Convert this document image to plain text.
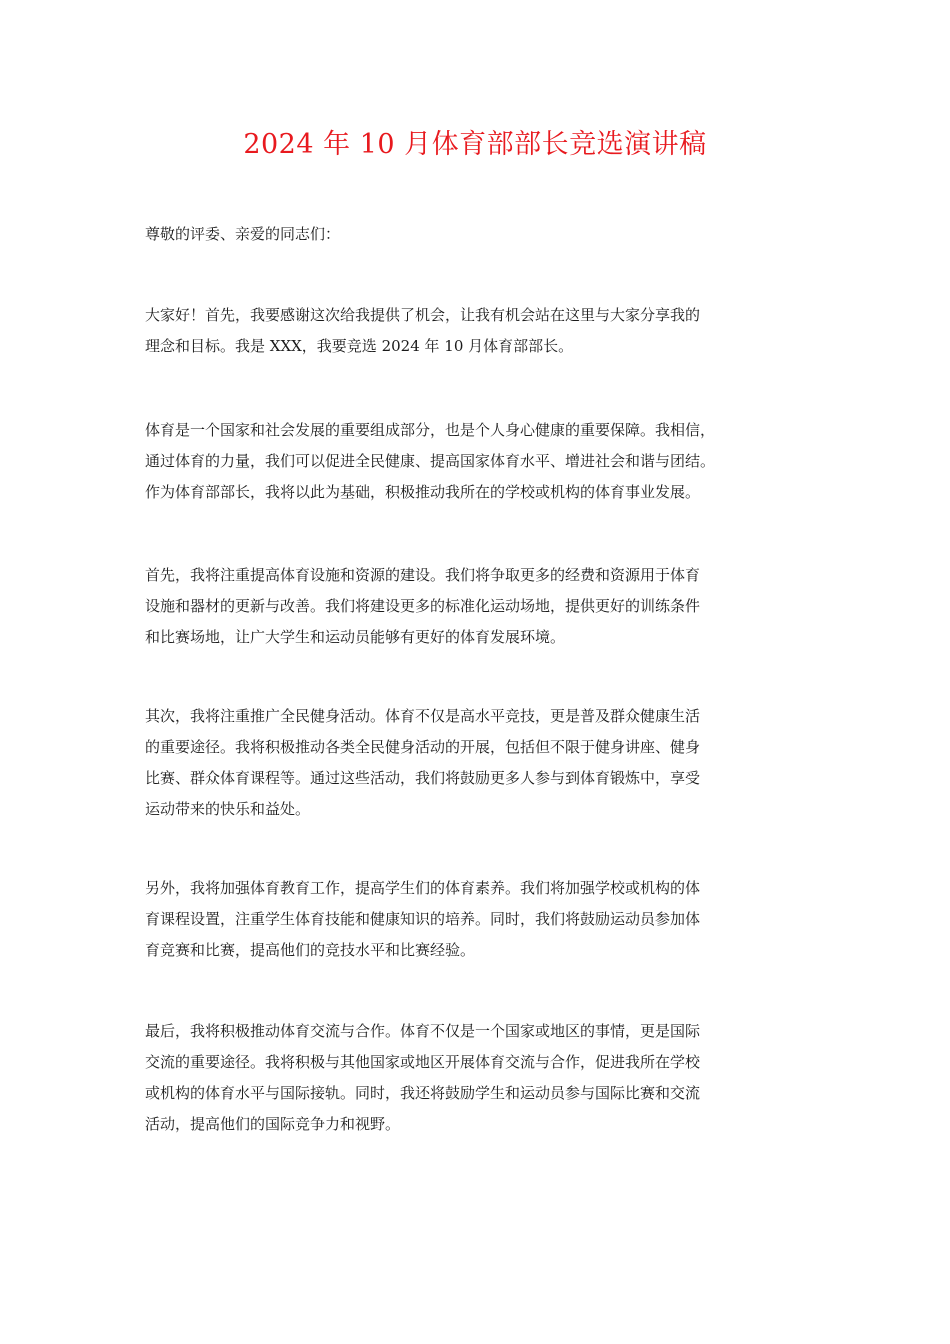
2024 年 10 月体育部部长竞选演讲稿
尊敬的评委、亲爱的同志们：
大家好！首先，我要感谢这次给我提供了机会，让我有机会站在这里与大家分享我的
理念和目标。我是 XXX，我要竞选 2024 年 10 月体育部部长。
体育是一个国家和社会发展的重要组成部分，也是个人身心健康的重要保障。我相信，
通过体育的力量，我们可以促进全民健康、提高国家体育水平、增进社会和谐与团结。
作为体育部部长，我将以此为基础，积极推动我所在的学校或机构的体育事业发展。
首先，我将注重提高体育设施和资源的建设。我们将争取更多的经费和资源用于体育
设施和器材的更新与改善。我们将建设更多的标准化运动场地，提供更好的训练条件
和比赛场地，让广大学生和运动员能够有更好的体育发展环境。
其次，我将注重推广全民健身活动。体育不仅是高水平竞技，更是普及群众健康生活
的重要途径。我将积极推动各类全民健身活动的开展，包括但不限于健身讲座、健身
比赛、群众体育课程等。通过这些活动，我们将鼓励更多人参与到体育锻炼中，享受
运动带来的快乐和益处。
另外，我将加强体育教育工作，提高学生们的体育素养。我们将加强学校或机构的体
育课程设置，注重学生体育技能和健康知识的培养。同时，我们将鼓励运动员参加体
育竞赛和比赛，提高他们的竞技水平和比赛经验。
最后，我将积极推动体育交流与合作。体育不仅是一个国家或地区的事情，更是国际
交流的重要途径。我将积极与其他国家或地区开展体育交流与合作，促进我所在学校
或机构的体育水平与国际接轨。同时，我还将鼓励学生和运动员参与国际比赛和交流
活动，提高他们的国际竞争力和视野。
